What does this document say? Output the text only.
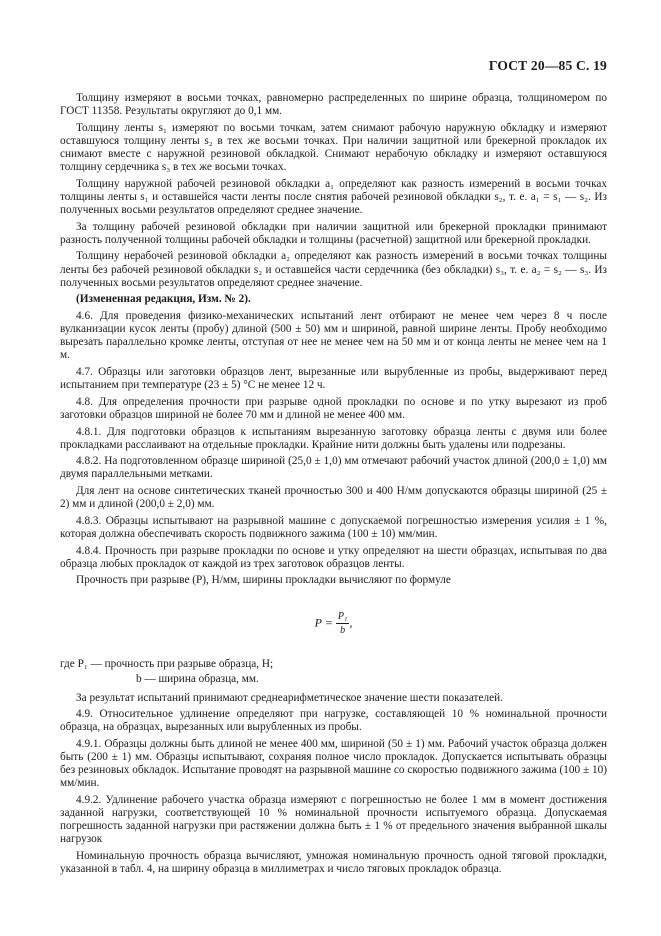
ГОСТ 20—85 С. 19

Толщину измеряют в восьми точках, равномерно распределенных по ширине образца, толщиномером по ГОСТ 11358. Результаты округляют до 0,1 мм.

Толщину ленты s₁ измеряют по восьми точкам, затем снимают рабочую наружную обкладку и измеряют оставшуюся толщину ленты s₂ в тех же восьми точках. При наличии защитной или брекерной прокладок их снимают вместе с наружной резиновой обкладкой. Снимают нерабочую обкладку и измеряют оставшуюся толщину сердечника s₃ в тех же восьми точках.

Толщину наружной рабочей резиновой обкладки a₁ определяют как разность измерений в восьми точках толщины ленты s₁ и оставшейся части ленты после снятия рабочей резиновой обкладки s₂, т. е. a₁ = s₁ — s₂. Из полученных восьми результатов определяют среднее значение.

За толщину рабочей резиновой обкладки при наличии защитной или брекерной прокладки принимают разность полученной толщины рабочей обкладки и толщины (расчетной) защитной или брекерной прокладки.

Толщину нерабочей резиновой обкладки a₂ определяют как разность измерений в восьми точках толщины ленты без рабочей резиновой обкладки s₂ и оставшейся части сердечника (без обкладки) s₃, т. е. a₂ = s₂ — s₃. Из полученных восьми результатов определяют среднее значение.

(Измененная редакция, Изм. № 2).

4.6. Для проведения физико-механических испытаний лент отбирают не менее чем через 8 ч после вулканизации кусок ленты (пробу) длиной (500 ± 50) мм и шириной, равной ширине ленты. Пробу необходимо вырезать параллельно кромке ленты, отступая от нее не менее чем на 50 мм и от конца ленты не менее чем на 1 м.

4.7. Образцы или заготовки образцов лент, вырезанные или вырубленные из пробы, выдерживают перед испытанием при температуре (23 ± 5) °С не менее 12 ч.

4.8. Для определения прочности при разрыве одной прокладки по основе и по утку вырезают из проб заготовки образцов шириной не более 70 мм и длиной не менее 400 мм.

4.8.1. Для подготовки образцов к испытаниям вырезанную заготовку образца ленты с двумя или более прокладками расслаивают на отдельные прокладки. Крайние нити должны быть удалены или подрезаны.

4.8.2. На подготовленном образце шириной (25,0 ± 1,0) мм отмечают рабочий участок длиной (200,0 ± 1,0) мм двумя параллельными метками.

Для лент на основе синтетических тканей прочностью 300 и 400 Н/мм допускаются образцы шириной (25 ± 2) мм и длиной (200,0 ± 2,0) мм.

4.8.3. Образцы испытывают на разрывной машине с допускаемой погрешностью измерения усилия ± 1 %, которая должна обеспечивать скорость подвижного зажима (100 ± 10) мм/мин.

4.8.4. Прочность при разрыве прокладки по основе и утку определяют на шести образцах, испытывая по два образца любых прокладок от каждой из трех заготовок образцов ленты.

Прочность при разрыве (P), Н/мм, ширины прокладки вычисляют по формуле

$P = \frac{\text{P₁}}{b}$ ,
где P₁ — прочность при разрыве образца, Н;
b — ширина образца, мм.

За результат испытаний принимают среднеарифметическое значение шести показателей.

4.9. Относительное удлинение определяют при нагрузке, составляющей 10 % номинальной прочности образца, на образцах, вырезанных или вырубленных из пробы.

4.9.1. Образцы должны быть длиной не менее 400 мм, шириной (50 ± 1) мм. Рабочий участок образца должен быть (200 ± 1) мм. Образцы испытывают, сохраняя полное число прокладок. Допускается испытывать образцы без резиновых обкладок. Испытание проводят на разрывной машине со скоростью подвижного зажима (100 ± 10) мм/мин.

4.9.2. Удлинение рабочего участка образца измеряют с погрешностью не более 1 мм в момент достижения заданной нагрузки, соответствующей 10 % номинальной прочности испытуемого образца. Допускаемая погрешность заданной нагрузки при растяжении должна быть ± 1 % от предельного значения выбранной шкалы нагрузок

Номинальную прочность образца вычисляют, умножая номинальную прочность одной тяговой прокладки, указанной в табл. 4, на ширину образца в миллиметрах и число тяговых прокладок образца.
